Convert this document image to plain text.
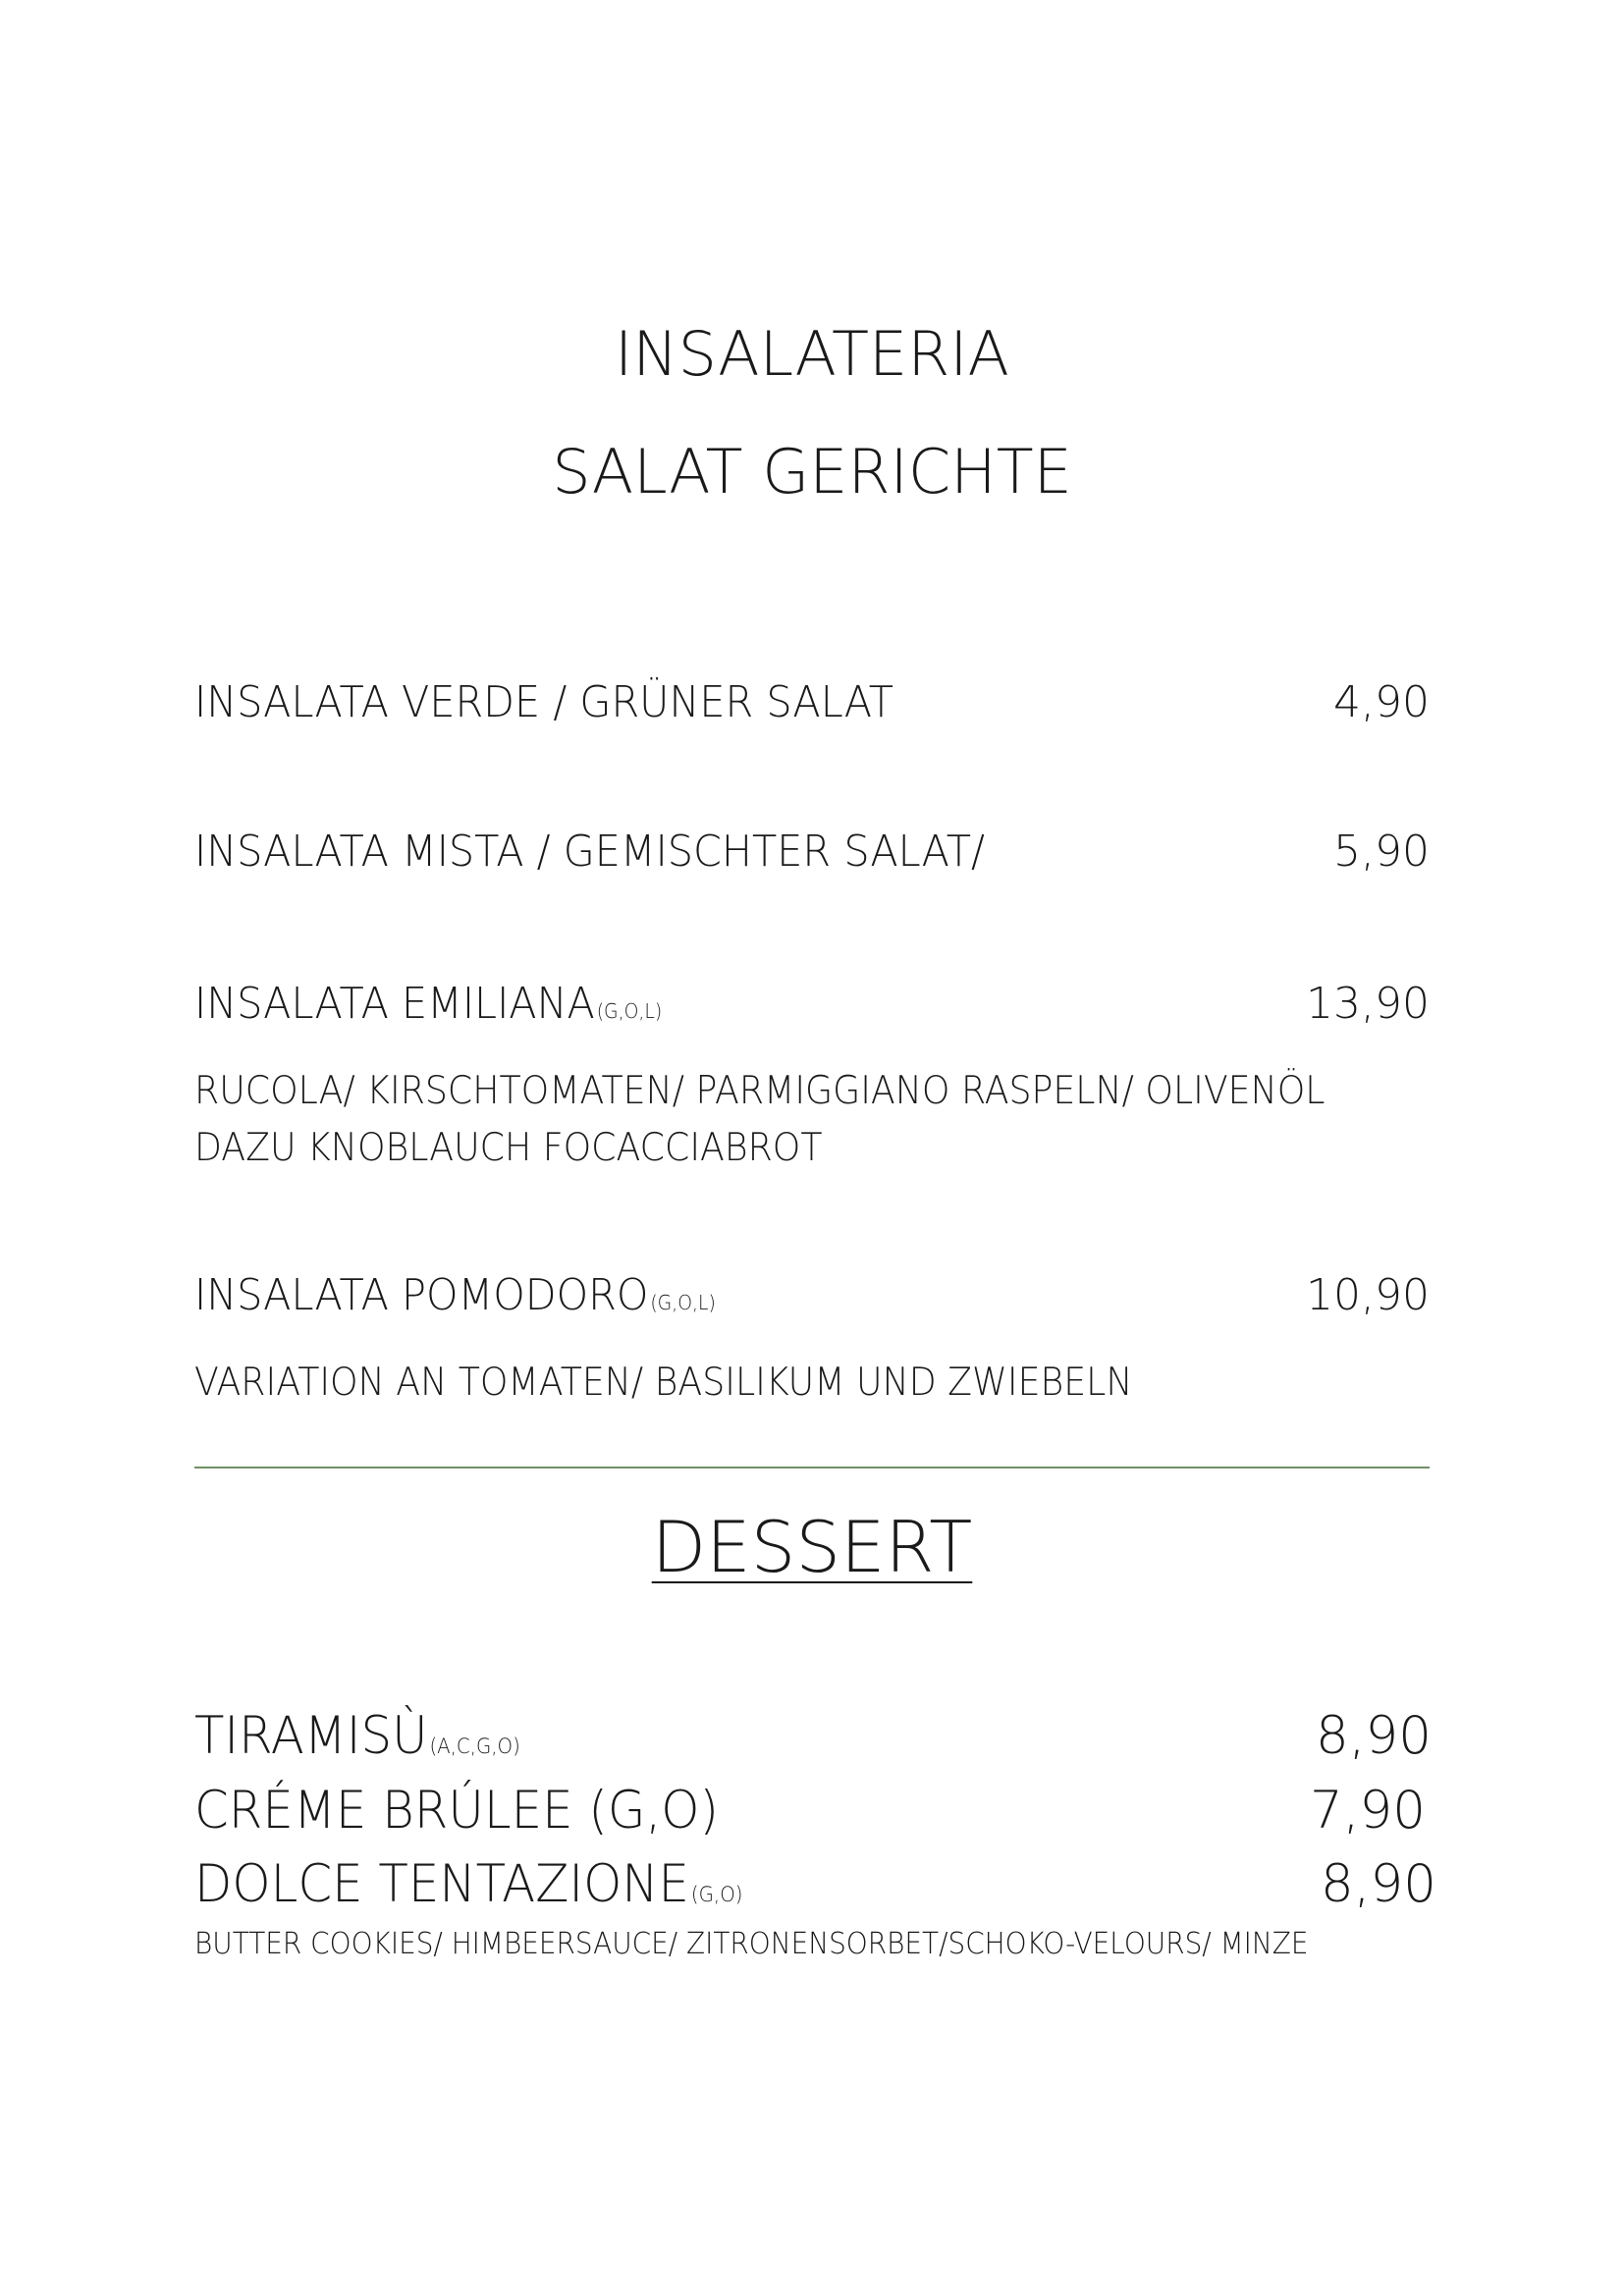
INSALATERIA
SALAT GERICHTE
INSALATA VERDE / GRÜNER SALAT	4,90
INSALATA MISTA / GEMISCHTER SALAT/	5,90
INSALATA EMILIANA(G,O,L)	13,90
RUCOLA/ KIRSCHTOMATEN/ PARMIGGIANO RASPELN/ OLIVENÖL
DAZU KNOBLAUCH FOCACCIABROT
INSALATA POMODORO(G,O,L)	10,90
VARIATION AN TOMATEN/ BASILIKUM UND ZWIEBELN
DESSERT
TIRAMISÙ(A,C,G,O)	8,90
CRÉME BRÚLEE (G,O)	7,90
DOLCE TENTAZIONE(G,O)	8,90
BUTTER COOKIES/ HIMBEERSAUCE/ ZITRONENSORBET/SCHOKO-VELOURS/ MINZE
